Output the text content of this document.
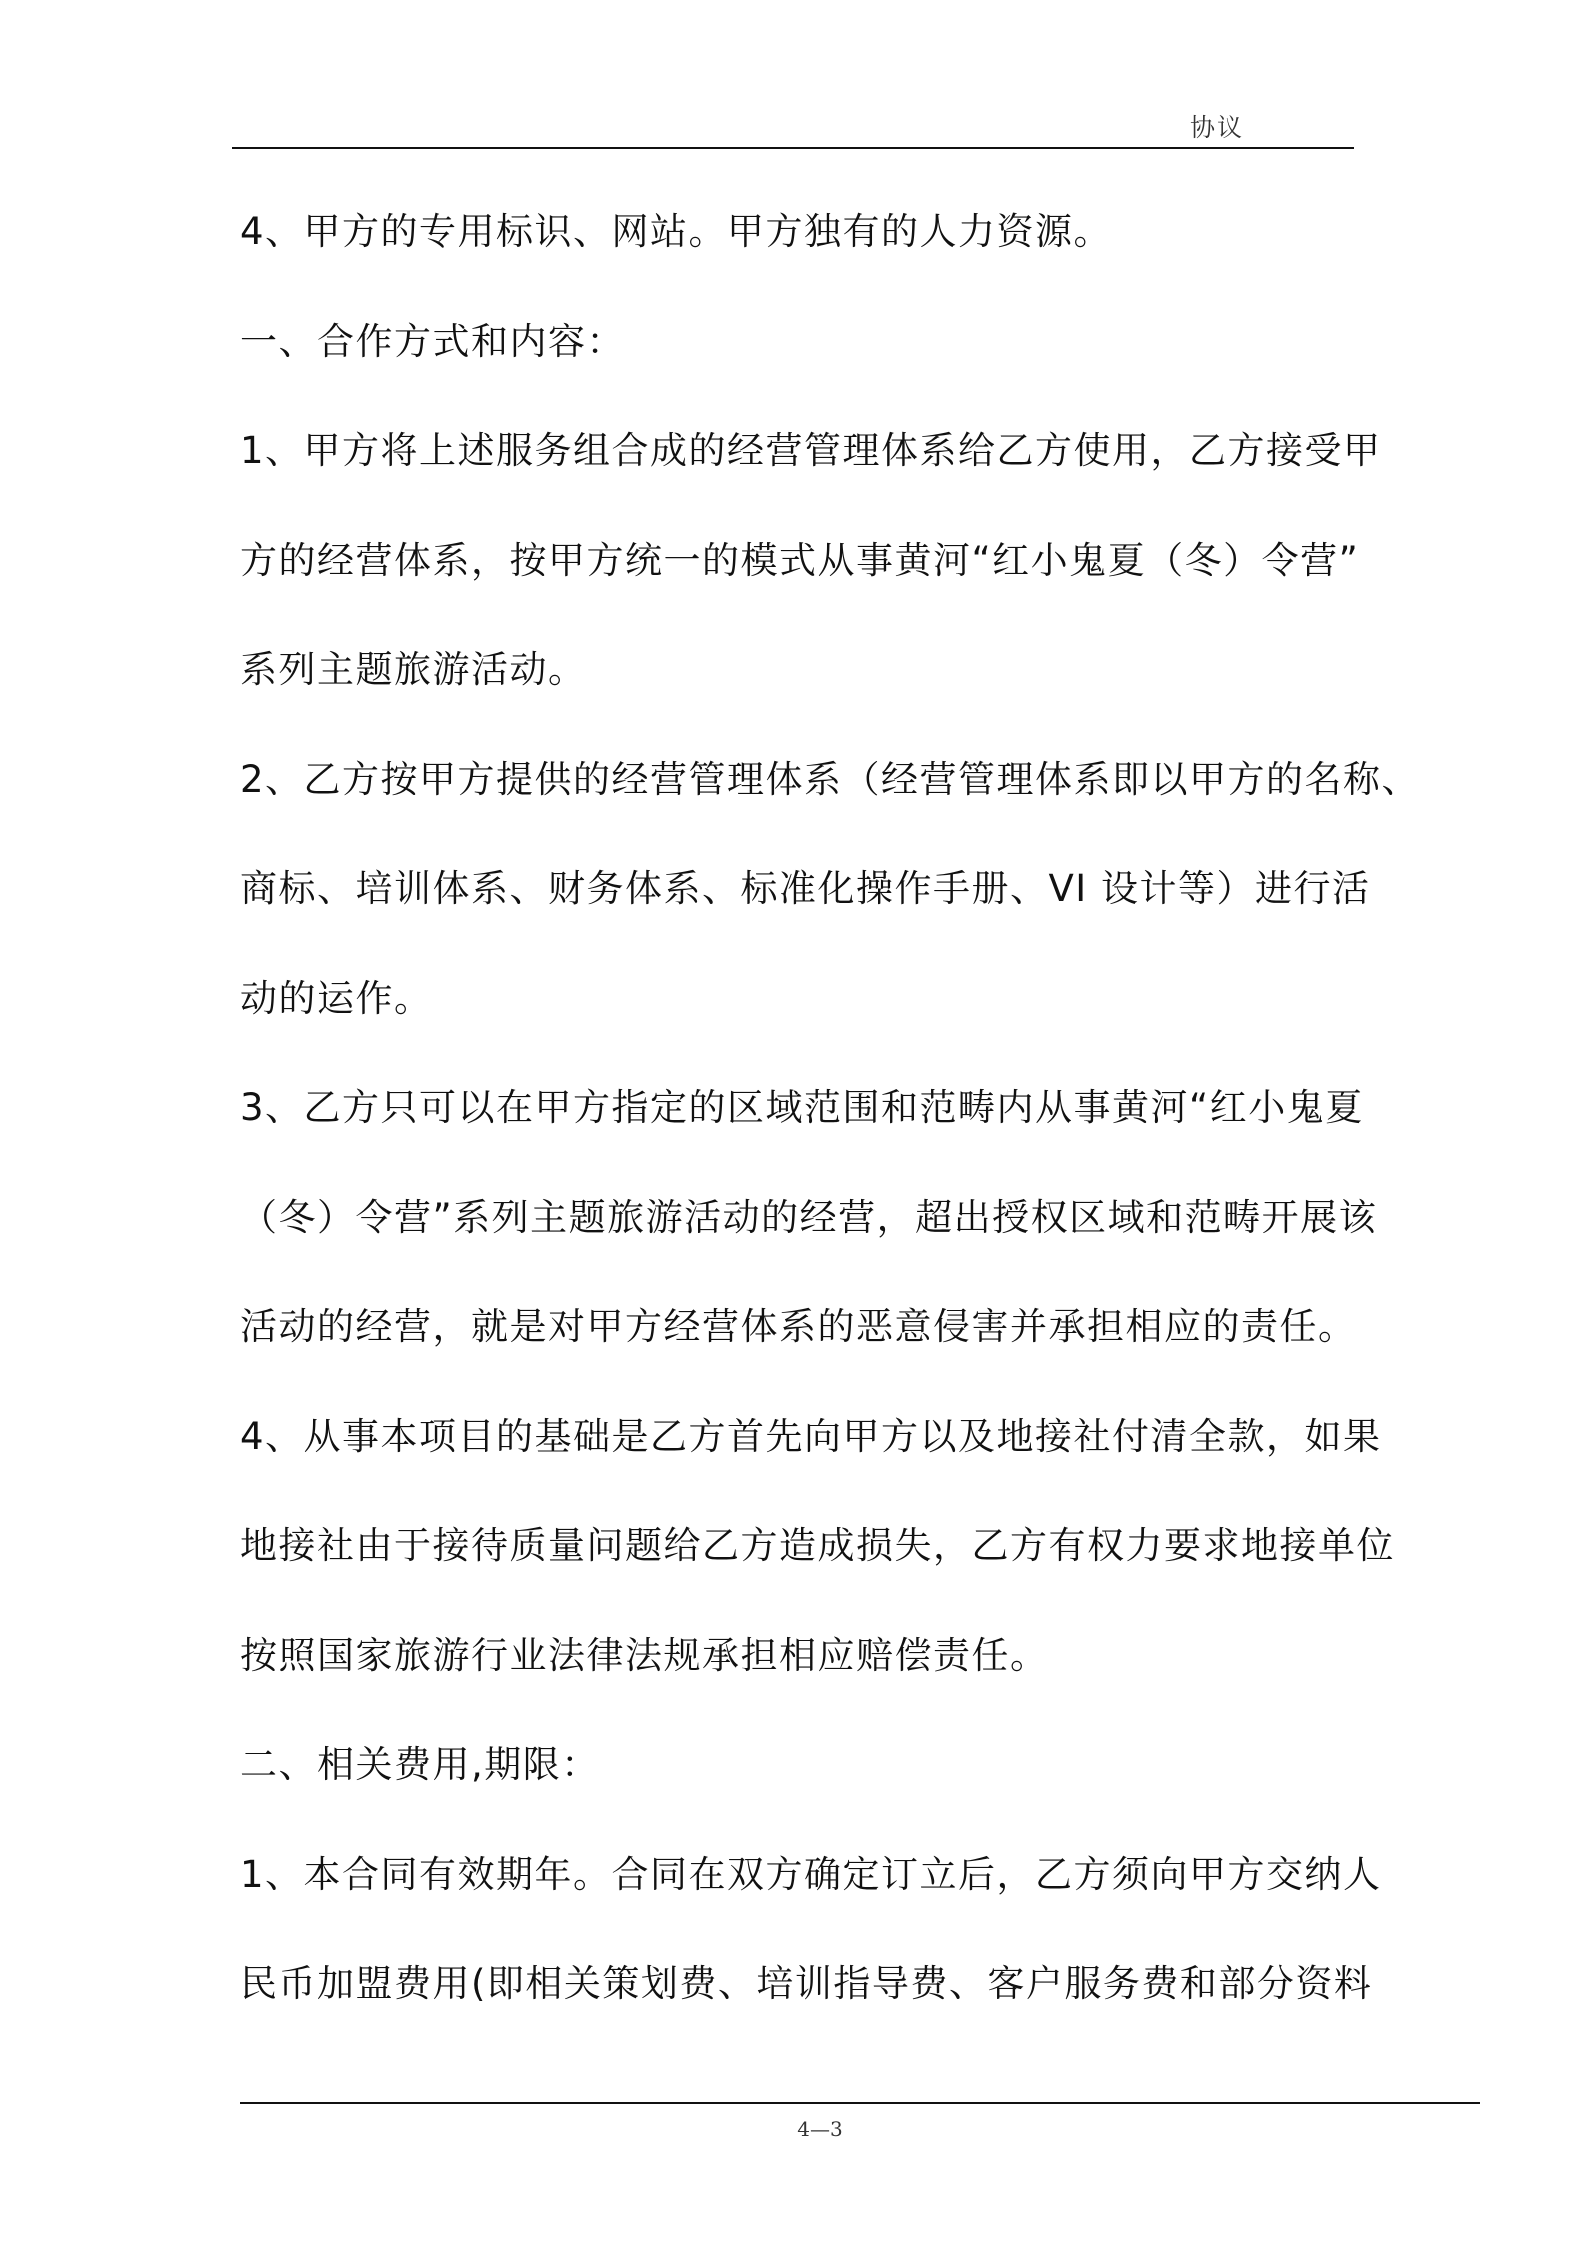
协议
4、甲方的专用标识、网站。甲方独有的人力资源。
一、合作方式和内容：
1、甲方将上述服务组合成的经营管理体系给乙方使用，乙方接受甲
方的经营体系，按甲方统一的模式从事黄河“红小鬼夏（冬）令营”
系列主题旅游活动。
2、乙方按甲方提供的经营管理体系（经营管理体系即以甲方的名称、
商标、培训体系、财务体系、标准化操作手册、VI 设计等）进行活
动的运作。
3、乙方只可以在甲方指定的区域范围和范畴内从事黄河“红小鬼夏
（冬）令营”系列主题旅游活动的经营，超出授权区域和范畴开展该
活动的经营，就是对甲方经营体系的恶意侵害并承担相应的责任。
4、从事本项目的基础是乙方首先向甲方以及地接社付清全款，如果
地接社由于接待质量问题给乙方造成损失，乙方有权力要求地接单位
按照国家旅游行业法律法规承担相应赔偿责任。
二、相关费用,期限：
1、本合同有效期年。合同在双方确定订立后，乙方须向甲方交纳人
民币加盟费用(即相关策划费、培训指导费、客户服务费和部分资料
4—3
